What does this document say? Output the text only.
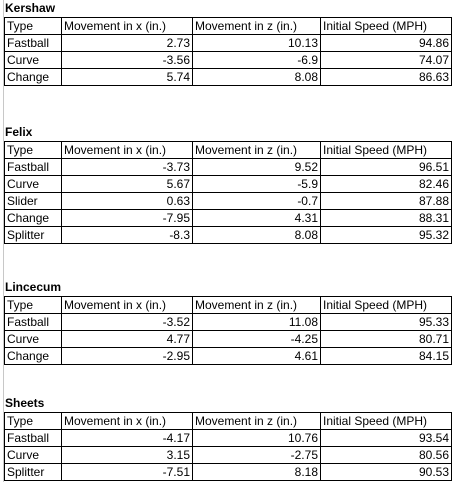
Kershaw
Type	Movement in x (in.)	Movement in z (in.)	Initial Speed (MPH)
Fastball	2.73	10.13	94.86
Curve	-3.56	-6.9	74.07
Change	5.74	8.08	86.63
Felix
Type	Movement in x (in.)	Movement in z (in.)	Initial Speed (MPH)
Fastball	-3.73	9.52	96.51
Curve	5.67	-5.9	82.46
Slider	0.63	-0.7	87.88
Change	-7.95	4.31	88.31
Splitter	-8.3	8.08	95.32
Lincecum
Type	Movement in x (in.)	Movement in z (in.)	Initial Speed (MPH)
Fastball	-3.52	11.08	95.33
Curve	4.77	-4.25	80.71
Change	-2.95	4.61	84.15
Sheets
Type	Movement in x (in.)	Movement in z (in.)	Initial Speed (MPH)
Fastball	-4.17	10.76	93.54
Curve	3.15	-2.75	80.56
Splitter	-7.51	8.18	90.53
